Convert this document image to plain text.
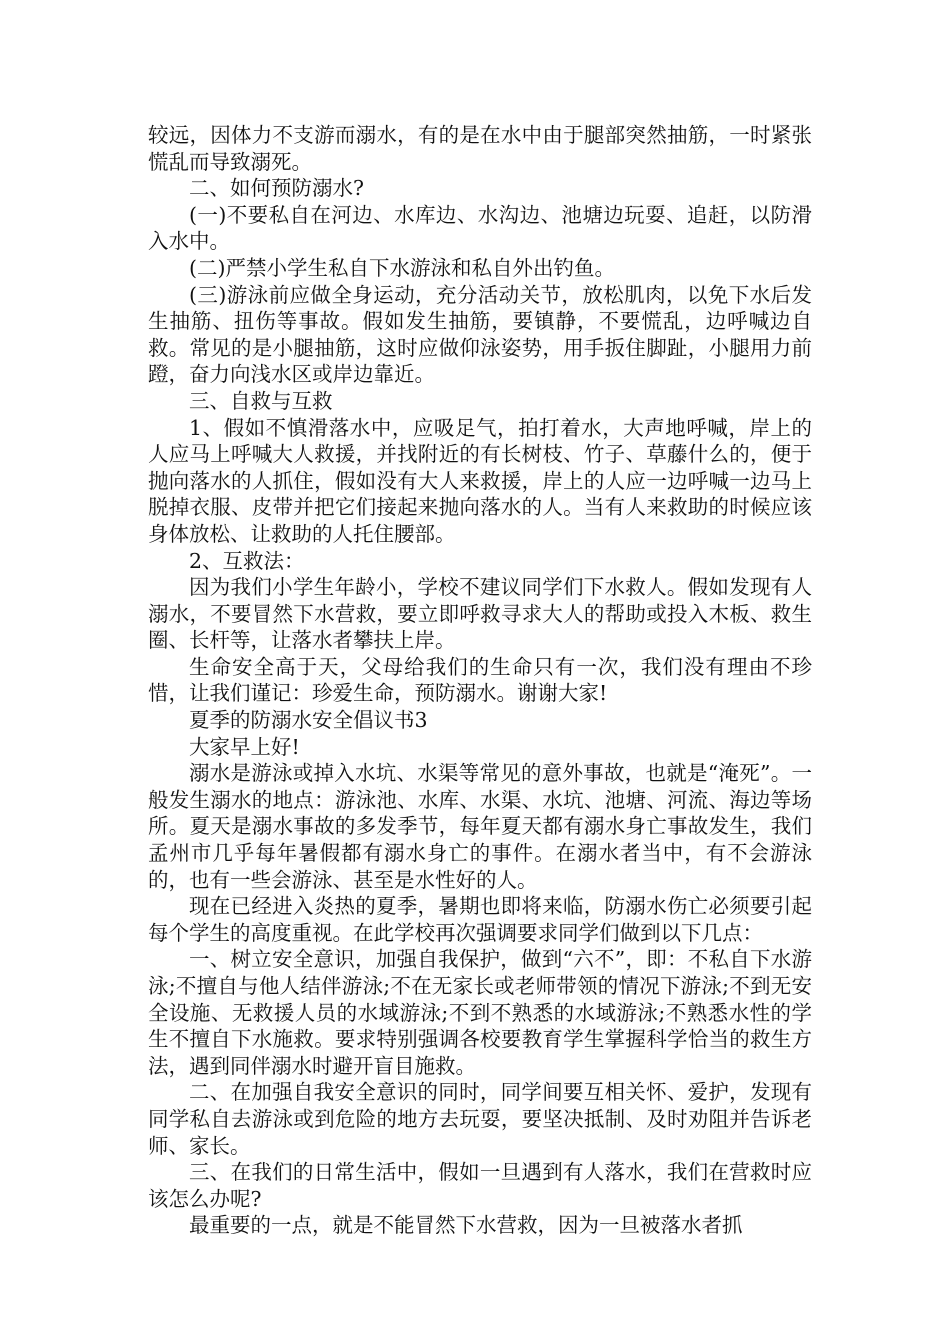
较远，因体力不支游而溺水，有的是在水中由于腿部突然抽筋，一时紧张慌乱而导致溺死。

二、如何预防溺水?

(一)不要私自在河边、水库边、水沟边、池塘边玩耍、追赶，以防滑入水中。

(二)严禁小学生私自下水游泳和私自外出钓鱼。

(三)游泳前应做全身运动，充分活动关节，放松肌肉，以免下水后发生抽筋、扭伤等事故。假如发生抽筋，要镇静，不要慌乱，边呼喊边自救。常见的是小腿抽筋，这时应做仰泳姿势，用手扳住脚趾，小腿用力前蹬，奋力向浅水区或岸边靠近。

三、自救与互救

1、假如不慎滑落水中，应吸足气，拍打着水，大声地呼喊，岸上的人应马上呼喊大人救援，并找附近的有长树枝、竹子、草藤什么的，便于抛向落水的人抓住，假如没有大人来救援，岸上的人应一边呼喊一边马上脱掉衣服、皮带并把它们接起来抛向落水的人。当有人来救助的时候应该身体放松、让救助的人托住腰部。

2、互救法：

因为我们小学生年龄小，学校不建议同学们下水救人。假如发现有人溺水，不要冒然下水营救，要立即呼救寻求大人的帮助或投入木板、救生圈、长杆等，让落水者攀扶上岸。

生命安全高于天，父母给我们的生命只有一次，我们没有理由不珍惜，让我们谨记：珍爱生命，预防溺水。谢谢大家!

夏季的防溺水安全倡议书3

大家早上好!

溺水是游泳或掉入水坑、水渠等常见的意外事故，也就是“淹死”。一般发生溺水的地点：游泳池、水库、水渠、水坑、池塘、河流、海边等场所。夏天是溺水事故的多发季节，每年夏天都有溺水身亡事故发生，我们孟州市几乎每年暑假都有溺水身亡的事件。在溺水者当中，有不会游泳的，也有一些会游泳、甚至是水性好的人。

现在已经进入炎热的夏季，暑期也即将来临，防溺水伤亡必须要引起每个学生的高度重视。在此学校再次强调要求同学们做到以下几点：

一、树立安全意识，加强自我保护，做到“六不”，即：不私自下水游泳;不擅自与他人结伴游泳;不在无家长或老师带领的情况下游泳;不到无安全设施、无救援人员的水域游泳;不到不熟悉的水域游泳;不熟悉水性的学生不擅自下水施救。要求特别强调各校要教育学生掌握科学恰当的救生方法，遇到同伴溺水时避开盲目施救。

二、在加强自我安全意识的同时，同学间要互相关怀、爱护，发现有同学私自去游泳或到危险的地方去玩耍，要坚决抵制、及时劝阻并告诉老师、家长。

三、在我们的日常生活中，假如一旦遇到有人落水，我们在营救时应该怎么办呢?

最重要的一点，就是不能冒然下水营救，因为一旦被落水者抓
